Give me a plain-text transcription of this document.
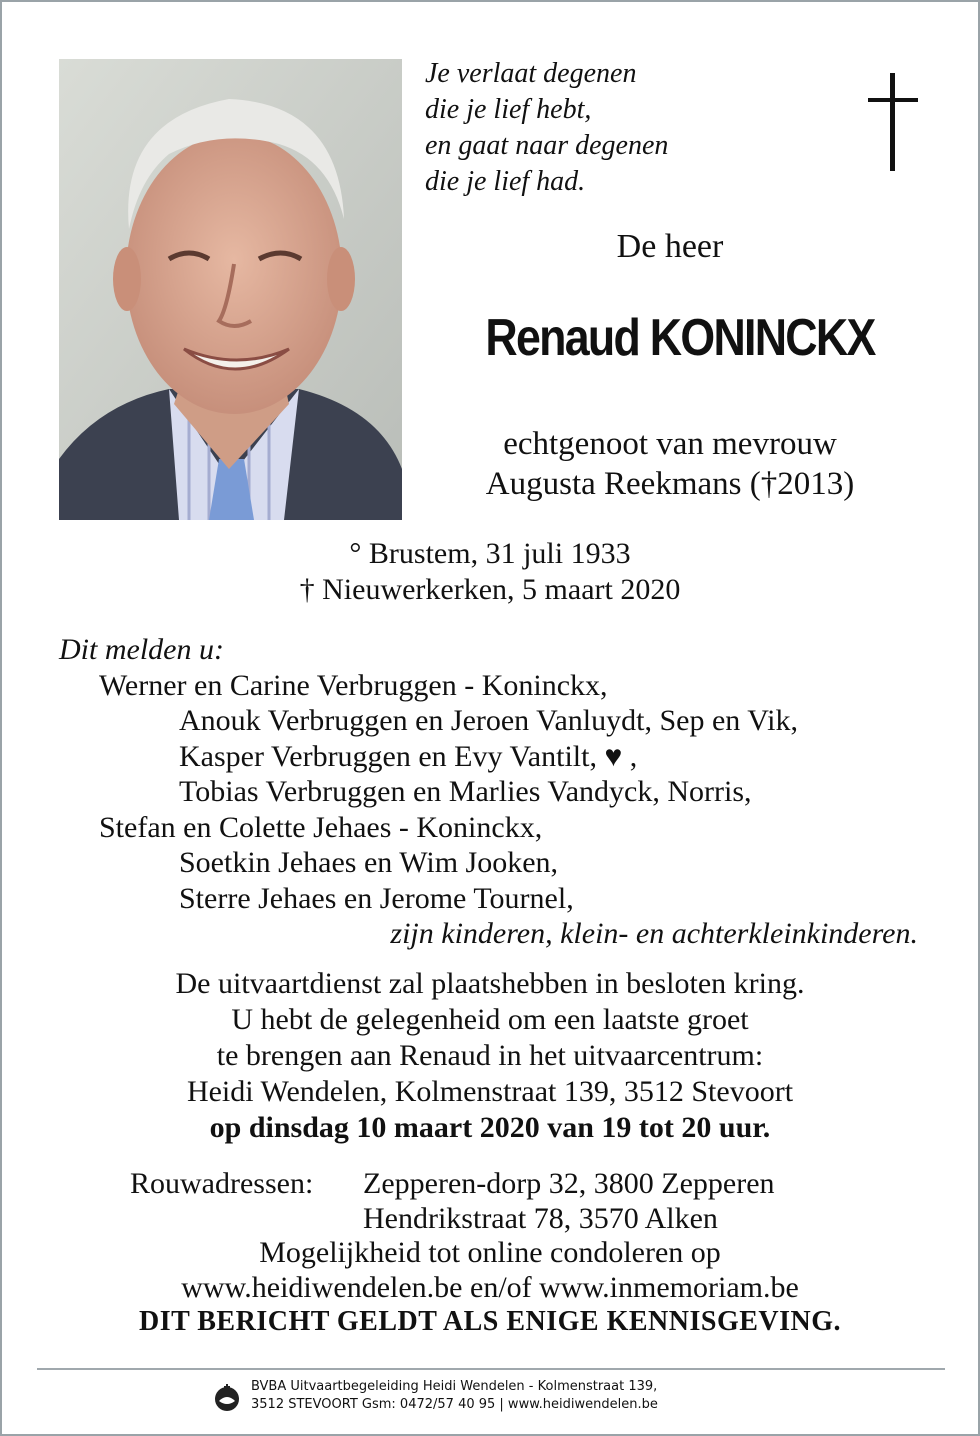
Je verlaat degenen
die je lief hebt,
en gaat naar degenen
die je lief had.
De heer
Renaud KONINCKX
echtgenoot van mevrouw
Augusta Reekmans (†2013)
° Brustem, 31 juli 1933
† Nieuwerkerken, 5 maart 2020
Dit melden u:
Werner en Carine Verbruggen - Koninckx,
Anouk Verbruggen en Jeroen Vanluydt, Sep en Vik,
Kasper Verbruggen en Evy Vantilt, ♥ ,
Tobias Verbruggen en Marlies Vandyck, Norris,
Stefan en Colette Jehaes - Koninckx,
Soetkin Jehaes en Wim Jooken,
Sterre Jehaes en Jerome Tournel,
zijn kinderen, klein- en achterkleinkinderen.
De uitvaartdienst zal plaatshebben in besloten kring.
U hebt de gelegenheid om een laatste groet
te brengen aan Renaud in het uitvaarcentrum:
Heidi Wendelen, Kolmenstraat 139, 3512 Stevoort
op dinsdag 10 maart 2020 van 19 tot 20 uur.
Rouwadressen: Zepperen-dorp 32, 3800 Zepperen
Hendrikstraat 78, 3570 Alken
Mogelijkheid tot online condoleren op
www.heidiwendelen.be en/of www.inmemoriam.be
DIT BERICHT GELDT ALS ENIGE KENNISGEVING.
BVBA Uitvaartbegeleiding Heidi Wendelen - Kolmenstraat 139,
3512 STEVOORT Gsm: 0472/57 40 95 | www.heidiwendelen.be
